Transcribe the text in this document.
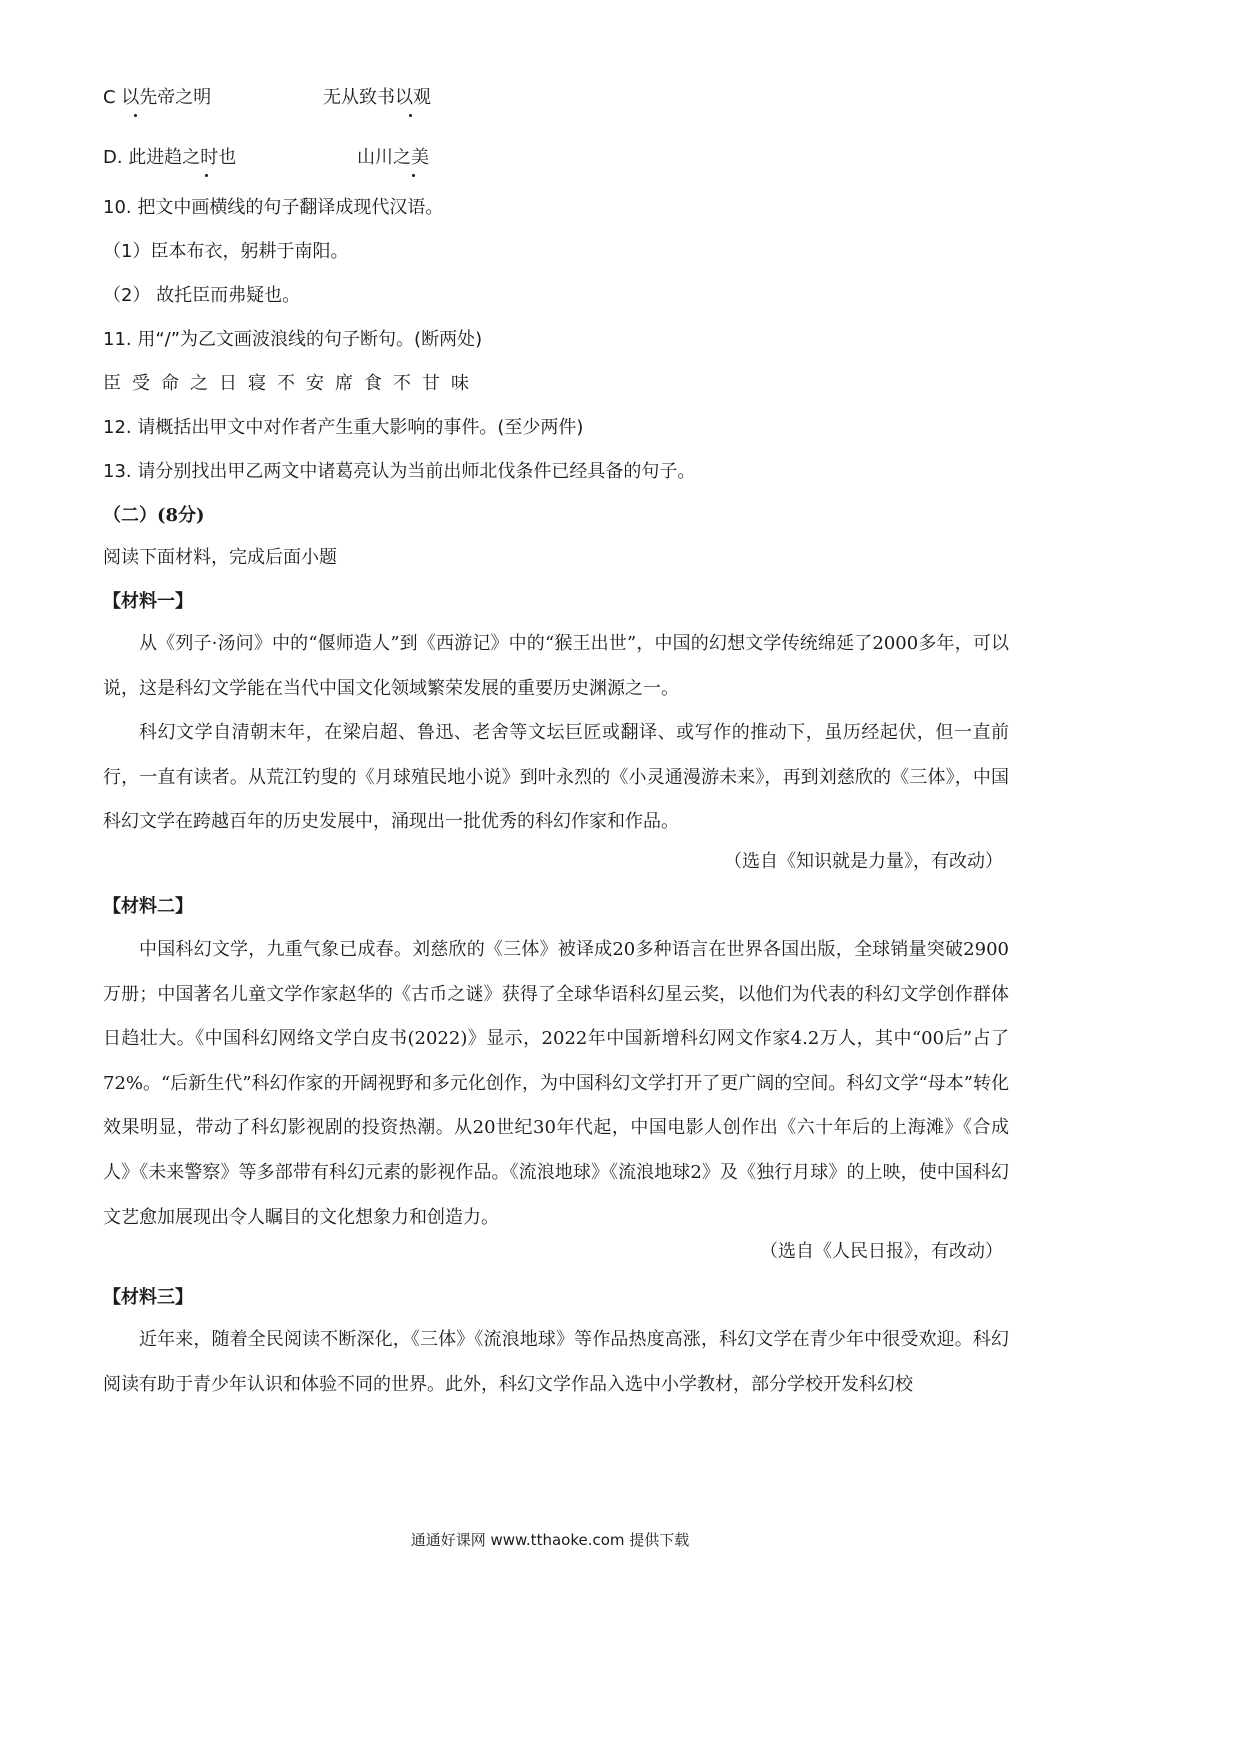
C 以先帝之明	无从致书以观
D. 此进趋之时也	山川之美
10. 把文中画横线的句子翻译成现代汉语。
（1）臣本布衣，躬耕于南阳。
（2） 故托臣而弗疑也。
11. 用“/”为乙文画波浪线的句子断句。(断两处)
臣受命之日寝不安席食不甘味
12. 请概括出甲文中对作者产生重大影响的事件。(至少两件)
13. 请分别找出甲乙两文中诸葛亮认为当前出师北伐条件已经具备的句子。
（二）(8分)
阅读下面材料，完成后面小题
【材料一】

从《列子·汤问》中的“偃师造人”到《西游记》中的“猴王出世”，中国的幻想文学传统绵延了2000多年，可以说，这是科幻文学能在当代中国文化领域繁荣发展的重要历史渊源之一。

科幻文学自清朝末年，在梁启超、鲁迅、老舍等文坛巨匠或翻译、或写作的推动下，虽历经起伏，但一直前行，一直有读者。从荒江钓叟的《月球殖民地小说》到叶永烈的《小灵通漫游未来》，再到刘慈欣的《三体》，中国科幻文学在跨越百年的历史发展中，涌现出一批优秀的科幻作家和作品。

（选自《知识就是力量》，有改动）
【材料二】

中国科幻文学，九重气象已成春。刘慈欣的《三体》被译成20多种语言在世界各国出版，全球销量突破2900万册；中国著名儿童文学作家赵华的《古币之谜》获得了全球华语科幻星云奖，以他们为代表的科幻文学创作群体日趋壮大。《中国科幻网络文学白皮书(2022)》显示，2022年中国新增科幻网文作家4.2万人，其中“00后”占了72%。“后新生代”科幻作家的开阔视野和多元化创作，为中国科幻文学打开了更广阔的空间。科幻文学“母本”转化效果明显，带动了科幻影视剧的投资热潮。从20世纪30年代起，中国电影人创作出《六十年后的上海滩》《合成人》《未来警察》等多部带有科幻元素的影视作品。《流浪地球》《流浪地球2》及《独行月球》的上映，使中国科幻文艺愈加展现出令人瞩目的文化想象力和创造力。

（选自《人民日报》，有改动）
【材料三】

近年来，随着全民阅读不断深化，《三体》《流浪地球》等作品热度高涨，科幻文学在青少年中很受欢迎。科幻阅读有助于青少年认识和体验不同的世界。此外，科幻文学作品入选中小学教材，部分学校开发科幻校

通通好课网 www.tthaoke.com 提供下载
